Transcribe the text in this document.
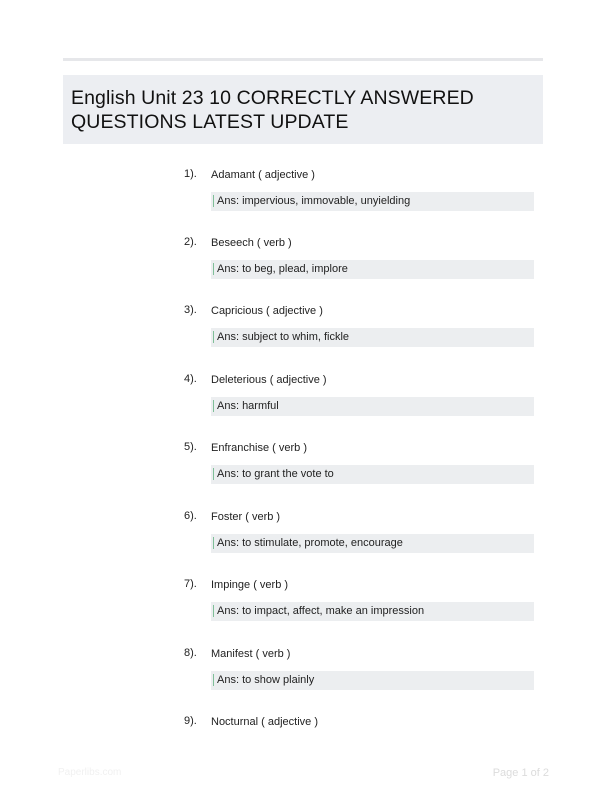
English Unit 23 10 CORRECTLY ANSWERED
QUESTIONS LATEST UPDATE
1). Adamant ( adjective )
Ans: impervious, immovable, unyielding
2). Beseech ( verb )
Ans: to beg, plead, implore
3). Capricious ( adjective )
Ans: subject to whim, fickle
4). Deleterious ( adjective )
Ans: harmful
5). Enfranchise ( verb )
Ans: to grant the vote to
6). Foster ( verb )
Ans: to stimulate, promote, encourage
7). Impinge ( verb )
Ans: to impact, affect, make an impression
8). Manifest ( verb )
Ans: to show plainly
9). Nocturnal ( adjective )
Paperlibs.com	Page 1 of 2
